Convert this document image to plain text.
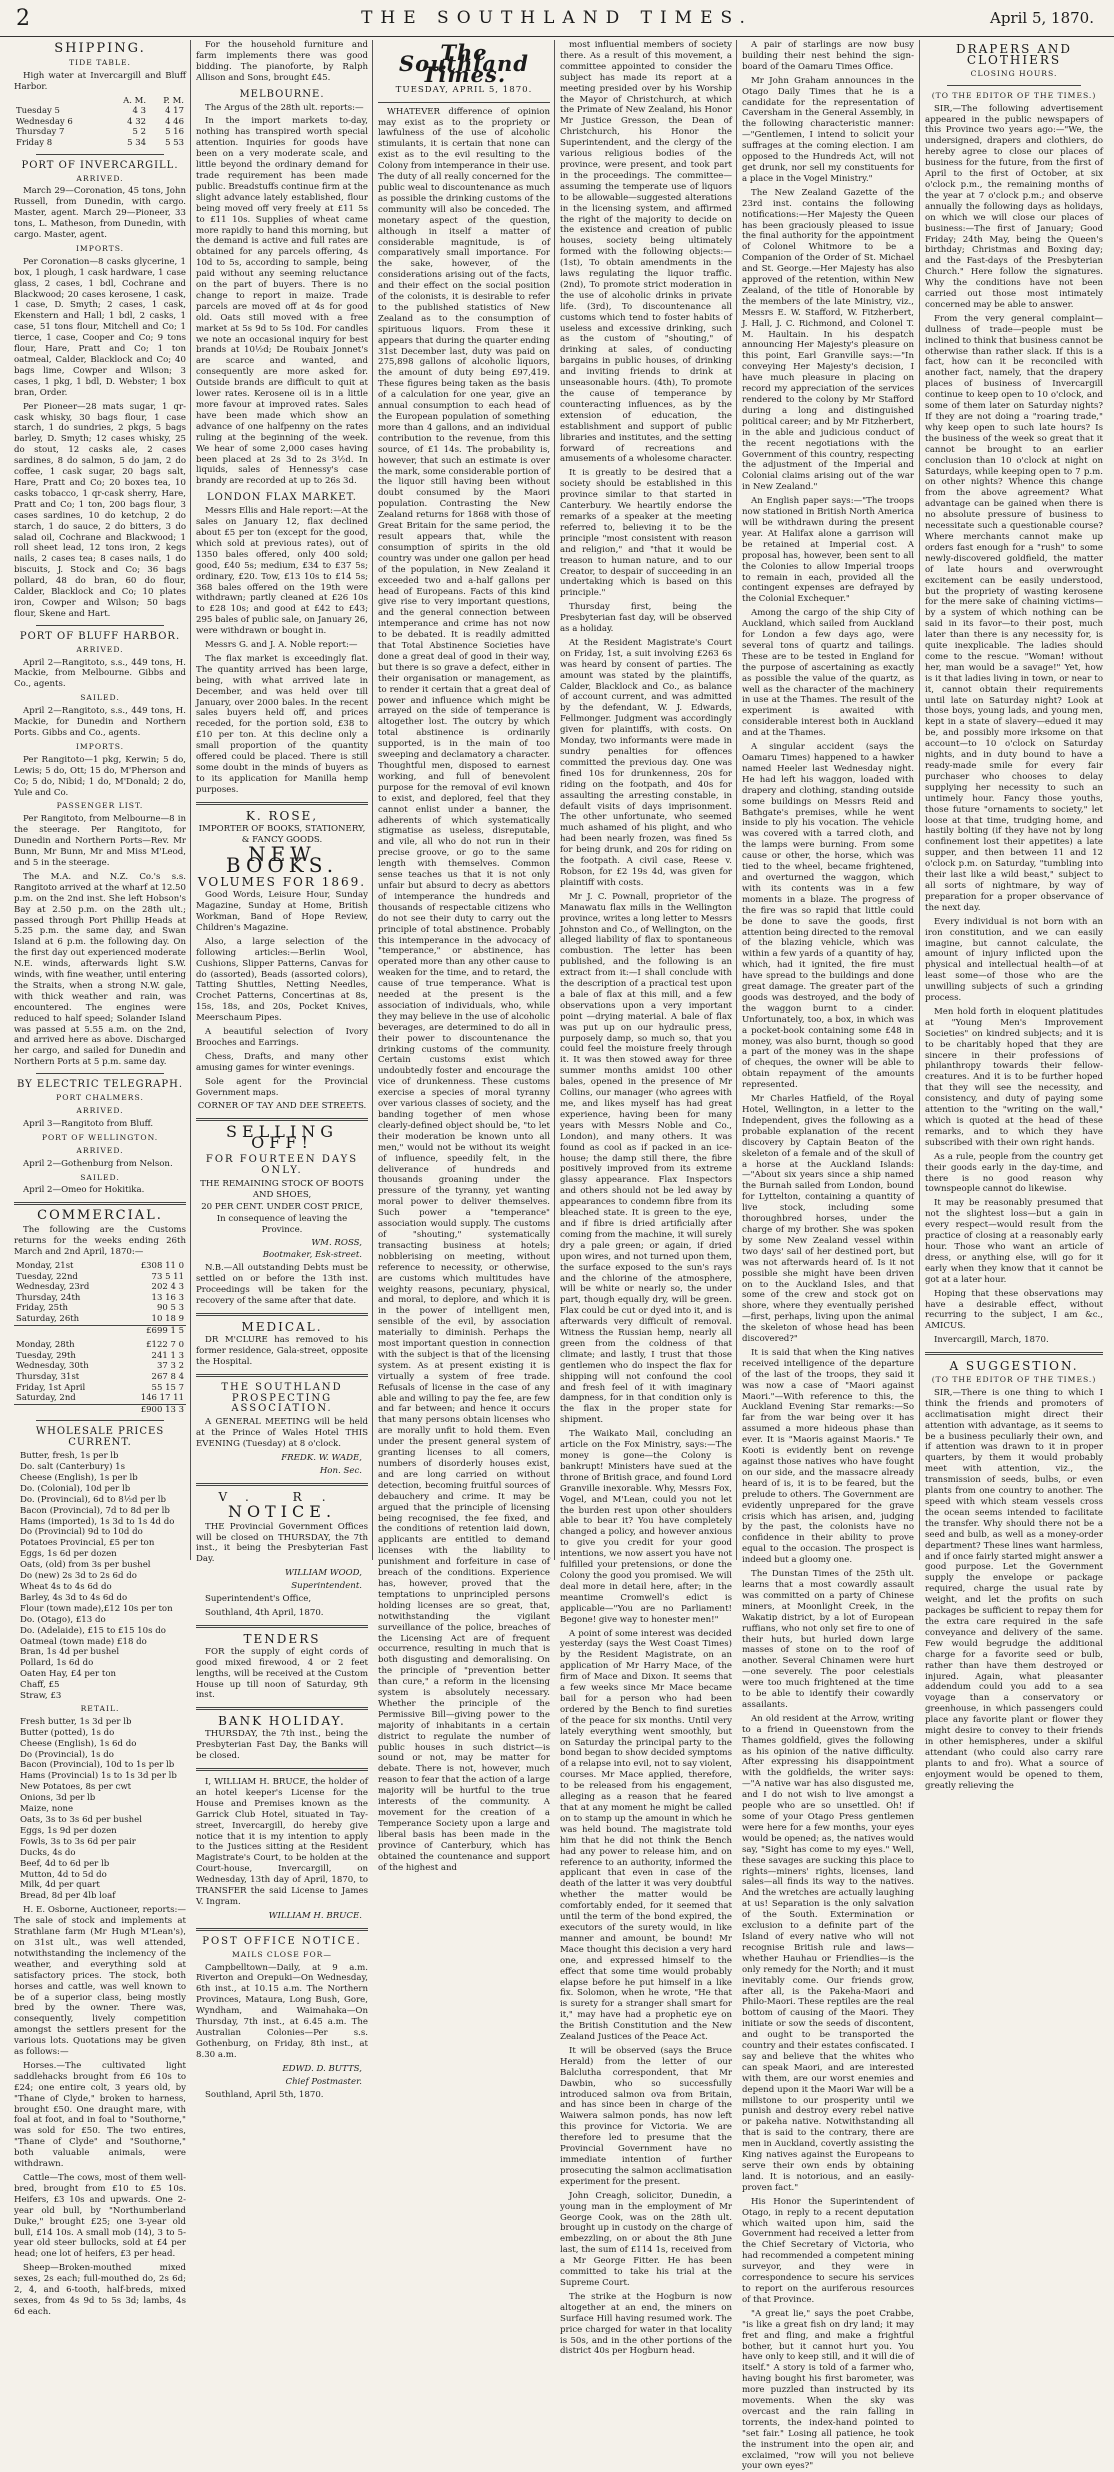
2	THE SOUTHLAND TIMES.	April 5, 1870.
SHIPPING.
TIDE TABLE.

High water at Invercargill and Bluff Harbor.

	A. M.	P. M.
Tuesday 5	4 3	4 17
Wednesday 6	4 32	4 46
Thursday 7	5 2	5 16
Friday 8	5 34	5 53
PORT OF INVERCARGILL.
ARRIVED.

March 29—Coronation, 45 tons, John Russell, from Dunedin, with cargo. Master, agent. March 29—Pioneer, 33 tons, L. Matheson, from Dunedin, with cargo. Master, agent.

IMPORTS.

Per Coronation—8 casks glycerine, 1 box, 1 plough, 1 cask hardware, 1 case glass, 2 cases, 1 bdl, Cochrane and Blackwood; 20 cases kerosene, 1 cask, 1 case, D. Smyth; 2 cases, 1 cask, Ekenstern and Hall; 1 bdl, 2 casks, 1 case, 51 tons flour, Mitchell and Co; 1 tierce, 1 case, Cooper and Co; 9 tons flour, Hare, Pratt and Co; 1 ton oatmeal, Calder, Blacklock and Co; 40 bags lime, Cowper and Wilson; 3 cases, 1 pkg, 1 bdl, D. Webster; 1 box bran, Order.

Per Pioneer—28 mats sugar, 1 qr-cask whisky, 30 bags flour, 1 case starch, 1 do sundries, 2 pkgs, 5 bags barley, D. Smyth; 12 cases whisky, 25 do stout, 12 casks ale, 2 cases sardines, 8 do salmon, 5 do jam, 2 do coffee, 1 cask sugar, 20 bags salt, Hare, Pratt and Co; 20 boxes tea, 10 casks tobacco, 1 qr-cask sherry, Hare, Pratt and Co; 1 ton, 200 bags flour, 3 cases sardines, 10 do ketchup, 2 do starch, 1 do sauce, 2 do bitters, 3 do salad oil, Cochrane and Blackwood; 1 roll sheet lead, 12 tons iron, 2 kegs nails, 2 cases tea; 8 cases nails, 1 do biscuits, J. Stock and Co; 36 bags pollard, 48 do bran, 60 do flour, Calder, Blacklock and Co; 10 plates iron, Cowper and Wilson; 50 bags flour, Skene and Hart.

PORT OF BLUFF HARBOR.
ARRIVED.

April 2—Rangitoto, s.s., 449 tons, H. Mackie, from Melbourne. Gibbs and Co., agents.

SAILED.

April 2—Rangitoto, s.s., 449 tons, H. Mackie, for Dunedin and Northern Ports. Gibbs and Co., agents.

IMPORTS.

Per Rangitoto—1 pkg, Kerwin; 5 do, Lewis; 5 do, Ott; 15 do, M'Pherson and Co; 5 do, Nibid; 1 do, M'Donald; 2 do, Yule and Co.

PASSENGER LIST.

Per Rangitoto, from Melbourne—8 in the steerage. Per Rangitoto, for Dunedin and Northern Ports—Rev. Mr Bunn, Mr Bunn, Mr and Miss M'Leod, and 5 in the steerage.

The M.A. and N.Z. Co.'s s.s. Rangitoto arrived at the wharf at 12.50 p.m. on the 2nd inst. She left Hobson's Bay at 2.50 p.m. on the 28th ult.; passed through Port Phillip Heads at 5.25 p.m. the same day, and Swan Island at 6 p.m. the following day. On the first day out experienced moderate N.E. winds, afterwards light S.W. winds, with fine weather, until entering the Straits, when a strong N.W. gale, with thick weather and rain, was encountered. The engines were reduced to half speed; Solander Island was passed at 5.55 a.m. on the 2nd, and arrived here as above. Discharged her cargo, and sailed for Dunedin and Northern Ports at 5 p.m. same day.

BY ELECTRIC TELEGRAPH.
PORT CHALMERS.
ARRIVED.

April 3—Rangitoto from Bluff.

PORT OF WELLINGTON.
ARRIVED.

April 2—Gothenburg from Nelson.

SAILED.

April 2—Omeo for Hokitika.

COMMERCIAL.

The following are the Customs returns for the weeks ending 26th March and 2nd April, 1870:—

Monday, 21st	£308 11 0
Tuesday, 22nd	73 5 11
Wednesday, 23rd	202 4 3
Thursday, 24th	13 16 3
Friday, 25th	90 5 3
Saturday, 26th	10 18 9
	£699 1 5
Monday, 28th	£122 7 0
Tuesday, 29th	241 1 3
Wednesday, 30th	37 3 2
Thursday, 31st	267 8 4
Friday, 1st April	55 15 7
Saturday, 2nd	146 17 11
	£900 13 3
WHOLESALE PRICES CURRENT.
Butter, fresh, 1s per lb
Do. salt (Canterbury) 1s
Cheese (English), 1s per lb
Do. (Colonial), 10d per lb
Do. (Provincial), 6d to 8½d per lb
Bacon (Provincial), 7d to 8d per lb
Hams (imported), 1s 3d to 1s 4d do
Do (Provincial) 9d to 10d do
Potatoes Provincial, £5 per ton
Eggs, 1s 6d per dozen
Oats, (old) from 3s per bushel
Do (new) 2s 3d to 2s 6d do
Wheat 4s to 4s 6d do
Barley, 4s 3d to 4s 6d do
Flour (town made),£12 10s per ton
Do. (Otago), £13 do
Do. (Adelaide), £15 to £15 10s do
Oatmeal (town made) £18 do
Bran, 1s 4d per bushel
Pollard, 1s 6d do
Oaten Hay, £4 per ton
Chaff, £5
Straw, £3
RETAIL.
Fresh butter, 1s 3d per lb
Butter (potted), 1s do
Cheese (English), 1s 6d do
Do (Provincial), 1s do
Bacon (Provincial), 10d to 1s per lb
Hams (Provincial) 1s to 1s 3d per lb
New Potatoes, 8s per cwt
Onions, 3d per lb
Maize, none
Oats, 3s to 3s 6d per bushel
Eggs, 1s 9d per dozen
Fowls, 3s to 3s 6d per pair
Ducks, 4s do
Beef, 4d to 6d per lb
Mutton, 4d to 5d do
Milk, 4d per quart
Bread, 8d per 4lb loaf

H. E. Osborne, Auctioneer, reports:—The sale of stock and implements at Strathlane farm (Mr Hugh M'Lean's), on 31st ult., was well attended, notwithstanding the inclemency of the weather, and everything sold at satisfactory prices. The stock, both horses and cattle, was well known to be of a superior class, being mostly bred by the owner. There was, consequently, lively competition amongst the settlers present for the various lots. Quotations may be given as follows:—

Horses.—The cultivated light saddlehacks brought from £6 10s to £24; one entire colt, 3 years old, by "Thane of Clyde," broken to harness, brought £50. One draught mare, with foal at foot, and in foal to "Southorne," was sold for £50. The two entires, "Thane of Clyde" and "Southorne," both valuable animals, were withdrawn.

Cattle—The cows, most of them well-bred, brought from £10 to £5 10s. Heifers, £3 10s and upwards. One 2-year old bull, by "Northumberland Duke," brought £25; one 3-year old bull, £14 10s. A small mob (14), 3 to 5-year old steer bullocks, sold at £4 per head; one lot of heifers, £3 per head.

Sheep—Broken-mouthed mixed sexes, 2s each; full-mouthed do, 2s 6d; 2, 4, and 6-tooth, half-breds, mixed sexes, from 4s 9d to 5s 3d; lambs, 4s 6d each.

For the household furniture and farm implements there was good bidding. The pianoforte, by Ralph Allison and Sons, brought £45.

MELBOURNE.

The Argus of the 28th ult. reports:—

In the import markets to-day, nothing has transpired worth special attention. Inquiries for goods have been on a very moderate scale, and little beyond the ordinary demand for trade requirement has been made public. Breadstuffs continue firm at the slight advance lately established, flour being moved off very freely at £11 5s to £11 10s. Supplies of wheat came more rapidly to hand this morning, but the demand is active and full rates are obtained for any parcels offering, 4s 10d to 5s, according to sample, being paid without any seeming reluctance on the part of buyers. There is no change to report in maize. Trade parcels are moved off at 4s for good old. Oats still moved with a free market at 5s 9d to 5s 10d. For candles we note an occasional inquiry for best brands at 10½d; De Roubaix Jonnet's are scarce and wanted, and consequently are more asked for. Outside brands are difficult to quit at lower rates. Kerosene oil is in a little more favour at improved rates. Sales have been made which show an advance of one halfpenny on the rates ruling at the beginning of the week. We hear of some 2,000 cases having been placed at 2s 3d to 2s 3½d. In liquids, sales of Hennessy's case brandy are recorded at up to 26s 3d.

LONDON FLAX MARKET.

Messrs Ellis and Hale report:—At the sales on January 12, flax declined about £5 per ton (except for the good, which sold at previous rates), out of 1350 bales offered, only 400 sold; good, £40 5s; medium, £34 to £37 5s; ordinary, £20. Tow, £13 10s to £14 5s; 368 bales offered on the 19th were withdrawn; partly cleaned at £26 10s to £28 10s; and good at £42 to £43; 295 bales of public sale, on January 26, were withdrawn or bought in.

Messrs G. and J. A. Noble report:—

The flax market is exceedingly flat. The quantity arrived has been large, being, with what arrived late in December, and was held over till January, over 2000 bales. In the recent sales buyers held off, and prices receded, for the portion sold, £38 to £10 per ton. At this decline only a small proportion of the quantity offered could be placed. There is still some doubt in the minds of buyers as to its application for Manilla hemp purposes.

K. ROSE,
IMPORTER OF BOOKS, STATIONERY, & FANCY GOODS.
NEW BOOKS.
VOLUMES FOR 1869.

Good Words, Leisure Hour, Sunday Magazine, Sunday at Home, British Workman, Band of Hope Review, Children's Magazine.

Also, a large selection of the following articles:—Berlin Wool, Cushions, Slipper Patterns, Canvas for do (assorted), Beads (assorted colors), Tatting Shuttles, Netting Needles, Crochet Patterns, Concertinas at 8s, 15s, 18s, and 20s, Pocket Knives, Meerschaum Pipes.

A beautiful selection of Ivory Brooches and Earrings.

Chess, Drafts, and many other amusing games for winter evenings.

Sole agent for the Provincial Government maps.

CORNER OF TAY AND DEE STREETS.
SELLING OFF!
FOR FOURTEEN DAYS ONLY.
THE REMAINING STOCK OF BOOTS AND SHOES,
20 PER CENT. UNDER COST PRICE,
In consequence of leaving the Province.
WM. ROSS,
Bootmaker, Esk-street.

N.B.—All outstanding Debts must be settled on or before the 13th inst. Proceedings will be taken for the recovery of the same after that date.

MEDICAL.

DR M'CLURE has removed to his former residence, Gala-street, opposite the Hospital.

THE SOUTHLAND PROSPECTING ASSOCIATION.

A GENERAL MEETING will be held at the Prince of Wales Hotel THIS EVENING (Tuesday) at 8 o'clock.

FREDK. W. WADE,
Hon. Sec.
V. R.
NOTICE.

THE Provincial Government Offices will be closed on THURSDAY, the 7th inst., it being the Presbyterian Fast Day.

WILLIAM WOOD,
Superintendent.

Superintendent's Office,

Southland, 4th April, 1870.

TENDERS

FOR the supply of eight cords of good mixed firewood, 4 or 2 feet lengths, will be received at the Custom House up till noon of Saturday, 9th inst.

BANK HOLIDAY.

THURSDAY, the 7th inst., being the Presbyterian Fast Day, the Banks will be closed.

I, WILLIAM H. BRUCE, the holder of an hotel keeper's License for the House and Premises known as the Garrick Club Hotel, situated in Tay-street, Invercargill, do hereby give notice that it is my intention to apply to the Justices sitting at the Resident Magistrate's Court, to be holden at the Court-house, Invercargill, on Wednesday, 13th day of April, 1870, to TRANSFER the said License to James V. Ingram.

WILLIAM H. BRUCE.
POST OFFICE NOTICE.
MAILS CLOSE FOR—

Campbelltown—Daily, at 9 a.m. Riverton and Orepuki—On Wednesday, 6th inst., at 10.15 a.m. The Northern Provinces, Mataura, Long Bush, Gore, Wyndham, and Waimahaka—On Thursday, 7th inst., at 6.45 a.m. The Australian Colonies—Per s.s. Gothenburg, on Friday, 8th inst., at 8.30 a.m.

EDWD. D. BUTTS,
Chief Postmaster.

Southland, April 5th, 1870.

The Southland Times.
TUESDAY, APRIL 5, 1870.

WHATEVER difference of opinion may exist as to the propriety or lawfulness of the use of alcoholic stimulants, it is certain that none can exist as to the evil resulting to the Colony from intemperance in their use. The duty of all really concerned for the public weal to discountenance as much as possible the drinking customs of the community will also be conceded. The monetary aspect of the question, although in itself a matter of considerable magnitude, is of comparatively small importance. For the sake, however, of the considerations arising out of the facts, and their effect on the social position of the colonists, it is desirable to refer to the published statistics of New Zealand as to the consumption of spirituous liquors. From these it appears that during the quarter ending 31st December last, duty was paid on 275,898 gallons of alcoholic liquors, the amount of duty being £97,419. These figures being taken as the basis of a calculation for one year, give an annual consumption to each head of the European population of something more than 4 gallons, and an individual contribution to the revenue, from this source, of £1 14s. The probability is, however, that such an estimate is over the mark, some considerable portion of the liquor still having been without doubt consumed by the Maori population. Contrasting the New Zealand returns for 1868 with those of Great Britain for the same period, the result appears that, while the consumption of spirits in the old country was under one gallon per head of the population, in New Zealand it exceeded two and a-half gallons per head of Europeans. Facts of this kind give rise to very important questions, and the general connection between intemperance and crime has not now to be debated. It is readily admitted that Total Abstinence Societies have done a great deal of good in their way, but there is so grave a defect, either in their organisation or management, as to render it certain that a great deal of power and influence which might be arrayed on the side of temperance is altogether lost. The outcry by which total abstinence is ordinarily supported, is in the main of too sweeping and declamatory a character. Thoughtful men, disposed to earnest working, and full of benevolent purpose for the removal of evil known to exist, and deplored, feel that they cannot enlist under a banner, the adherents of which systematically stigmatise as useless, disreputable, and vile, all who do not run in their precise groove, or go to the same length with themselves. Common sense teaches us that it is not only unfair but absurd to decry as abettors of intemperance the hundreds and thousands of respectable citizens who do not see their duty to carry out the principle of total abstinence. Probably this intemperance in the advocacy of "temperance," or abstinence, has operated more than any other cause to weaken for the time, and to retard, the cause of true temperance. What is needed at the present is the association of individuals, who, while they may believe in the use of alcoholic beverages, are determined to do all in their power to discountenance the drinking customs of the community. Certain customs exist which undoubtedly foster and encourage the vice of drunkenness. These customs exercise a species of moral tyranny over various classes of society, and the banding together of men whose clearly-defined object should be, "to let their moderation be known unto all men," would not be without its weight of influence, speedily felt, in the deliverance of hundreds and thousands groaning under the pressure of the tyranny, yet wanting moral power to deliver themselves. Such power a "temperance" association would supply. The customs of "shouting," systematically transacting business at hotels; nobblerising on meeting, without reference to necessity, or otherwise, are customs which multitudes have weighty reasons, pecuniary, physical, and moral, to deplore, and which it is in the power of intelligent men, sensible of the evil, by association materially to diminish. Perhaps the most important question in connection with the subject is that of the licensing system. As at present existing it is virtually a system of free trade. Refusals of license in the case of any able and willing to pay the fee, are few and far between; and hence it occurs that many persons obtain licenses who are morally unfit to hold them. Even under the present general system of granting licenses to all comers, numbers of disorderly houses exist, and are long carried on without detection, becoming fruitful sources of debauchery and crime. It may be argued that the principle of licensing being recognised, the fee fixed, and the conditions of retention laid down, applicants are entitled to demand licenses with the liability to punishment and forfeiture in case of breach of the conditions. Experience has, however, proved that the temptations to unprincipled persons holding licenses are so great, that, notwithstanding the vigilant surveillance of the police, breaches of the Licensing Act are of frequent occurrence, resulting in much that is both disgusting and demoralising. On the principle of "prevention better than cure," a reform in the licensing system is absolutely necessary. Whether the principle of the Permissive Bill—giving power to the majority of inhabitants in a certain district to regulate the number of public houses in such district—is sound or not, may be matter for debate. There is not, however, much reason to fear that the action of a large majority will be hurtful to the true interests of the community. A movement for the creation of a Temperance Society upon a large and liberal basis has been made in the province of Canterbury, which has obtained the countenance and support of the highest and

most influential members of society there. As a result of this movement, a committee appointed to consider the subject has made its report at a meeting presided over by his Worship the Mayor of Christchurch, at which the Primate of New Zealand, his Honor Mr Justice Gresson, the Dean of Christchurch, his Honor the Superintendent, and the clergy of the various religious bodies of the province, were present, and took part in the proceedings. The committee—assuming the temperate use of liquors to be allowable—suggested alterations in the licensing system, and affirmed the right of the majority to decide on the existence and creation of public houses, society being ultimately formed with the following objects:—(1st), To obtain amendments in the laws regulating the liquor traffic. (2nd), To promote strict moderation in the use of alcoholic drinks in private life. (3rd), To discountenance all customs which tend to foster habits of useless and excessive drinking, such as the custom of "shouting," of drinking at sales, of conducting bargains in public houses, of drinking and inviting friends to drink at unseasonable hours. (4th), To promote the cause of temperance by counteracting influences, as by the extension of education, the establishment and support of public libraries and institutes, and the setting forward of recreations and amusements of a wholesome character.

It is greatly to be desired that a society should be established in this province similar to that started in Canterbury. We heartily endorse the remarks of a speaker at the meeting referred to, believing it to be the principle "most consistent with reason and religion," and "that it would be treason to human nature, and to our Creator, to despair of succeeding in an undertaking which is based on this principle."

Thursday first, being the Presbyterian fast day, will be observed as a holiday.

At the Resident Magistrate's Court on Friday, 1st, a suit involving £263 6s was heard by consent of parties. The amount was stated by the plaintiffs, Calder, Blacklock and Co., as balance of account current, and was admitted by the defendant, W. J. Edwards, Fellmonger. Judgment was accordingly given for plaintiffs, with costs. On Monday, two informants were made in sundry penalties for offences committed the previous day. One was fined 10s for drunkenness, 20s for riding on the footpath, and 40s for assaulting the arresting constable, in default visits of days imprisonment. The other unfortunate, who seemed much ashamed of his plight, and who had been nearly frozen, was fined 5s for being drunk, and 20s for riding on the footpath. A civil case, Reese v. Robson, for £2 19s 4d, was given for plaintiff with costs.

Mr J. C. Pownall, proprietor of the Manawatu flax mills in the Wellington province, writes a long letter to Messrs Johnston and Co., of Wellington, on the alleged liability of flax to spontaneous combustion. The letter has been published, and the following is an extract from it:—I shall conclude with the description of a practical test upon a bale of flax at this mill, and a few observations upon a very important point —drying material. A bale of flax was put up on our hydraulic press, purposely damp, so much so, that you could feel the moisture freely through it. It was then stowed away for three summer months amidst 100 other bales, opened in the presence of Mr Collins, our manager (who agrees with me, and likes myself has had great experience, having been for many years with Messrs Noble and Co., London), and many others. It was found as cool as if packed in an ice-house; the damp still there, the fibre positively improved from its extreme glassy appearance. Flax Inspectors and others should not be led away by appearances to condemn fibre from its bleached state. It is green to the eye, and if fibre is dried artificially after coming from the machine, it will surely dry a pale green; or again, if dried upon wires, and not turned upon them, the surface exposed to the sun's rays and the chlorine of the atmosphere, will be white or nearly so, the under part, though equally dry, will be green. Flax could be cut or dyed into it, and is afterwards very difficult of removal. Witness the Russian hemp, nearly all green from the coldness of that climate; and lastly, I trust that those gentlemen who do inspect the flax for shipping will not confound the cool and fresh feel of it with imaginary dampness, for in that condition only is the flax in the proper state for shipment.

The Waikato Mail, concluding an article on the Fox Ministry, says:—The money is gone—the Colony is bankrupt! Ministers have sued at the throne of British grace, and found Lord Granville inexorable. Why, Messrs Fox, Vogel, and M'Lean, could you not let the burden rest upon other shoulders able to bear it? You have completely changed a policy, and however anxious to give you credit for your good intentions, we now assert you have not fulfilled your pretensions, or done the Colony the good you promised. We will deal more in detail here, after; in the meantime Cromwell's edict is applicable—"You are no Parliament! Begone! give way to honester men!"

A point of some interest was decided yesterday (says the West Coast Times) by the Resident Magistrate, on an application of Mr Harry Mace, of the firm of Mace and Dixon. It seems that a few weeks since Mr Mace became bail for a person who had been ordered by the Bench to find sureties of the peace for six months. Until very lately everything went smoothly, but on Saturday the principal party to the bond began to show decided symptoms of a relapse into evil, not to say violent, courses. Mr Mace applied, therefore, to be released from his engagement, alleging as a reason that he feared that at any moment he might be called on to stamp up the amount in which he was held bound. The magistrate told him that he did not think the Bench had any power to release him, and on reference to an authority, informed the applicant that even in case of the death of the latter it was very doubtful whether the matter would be comfortably ended, for it seemed that until the term of the bond expired, the executors of the surety would, in like manner and amount, be bound! Mr Mace thought this decision a very hard one, and expressed himself to the effect that some time would probably elapse before he put himself in a like fix. Solomon, when he wrote, "He that is surety for a stranger shall smart for it," may have had a prophetic eye on the British Constitution and the New Zealand Justices of the Peace Act.

It will be observed (says the Bruce Herald) from the letter of our Balclutha correspondent, that Mr Dawbin, who so successfully introduced salmon ova from Britain, and has since been in charge of the Waiwera salmon ponds, has now left this province for Victoria. We are therefore led to presume that the Provincial Government have no immediate intention of further prosecuting the salmon acclimatisation experiment for the present.

John Creagh, solicitor, Dunedin, a young man in the employment of Mr George Cook, was on the 28th ult. brought up in custody on the charge of embezzling, on or about the 8th June last, the sum of £114 1s, received from a Mr George Fitter. He has been committed to take his trial at the Supreme Court.

The strike at the Hogburn is now altogether at an end, the miners on Surface Hill having resumed work. The price charged for water in that locality is 50s, and in the other portions of the district 40s per Hogburn head.

A pair of starlings are now busy building their nest behind the sign-board of the Oamaru Times Office.

Mr John Graham announces in the Otago Daily Times that he is a candidate for the representation of Caversham in the General Assembly, in the following characteristic manner:—"Gentlemen, I intend to solicit your suffrages at the coming election. I am opposed to the Hundreds Act, will not get drunk, nor sell my constituents for a place in the Vogel Ministry."

The New Zealand Gazette of the 23rd inst. contains the following notifications:—Her Majesty the Queen has been graciously pleased to issue the final authority for the appointment of Colonel Whitmore to be a Companion of the Order of St. Michael and St. George.—Her Majesty has also approved of the retention, within New Zealand, of the title of Honorable by the members of the late Ministry, viz., Messrs E. W. Stafford, W. Fitzherbert, J. Hall, J. C. Richmond, and Colonel T. M. Haultain. In his despatch announcing Her Majesty's pleasure on this point, Earl Granville says:—"In conveying Her Majesty's decision, I have much pleasure in placing on record my appreciation of the services rendered to the colony by Mr Stafford during a long and distinguished political career; and by Mr Fitzherbert, in the able and judicious conduct of the recent negotiations with the Government of this country, respecting the adjustment of the Imperial and Colonial claims arising out of the war in New Zealand."

An English paper says:—"The troops now stationed in British North America will be withdrawn during the present year. At Halifax alone a garrison will be retained at Imperial cost. A proposal has, however, been sent to all the Colonies to allow Imperial troops to remain in each, provided all the contingent expenses are defrayed by the Colonial Exchequer."

Among the cargo of the ship City of Auckland, which sailed from Auckland for London a few days ago, were several tons of quartz and tailings. These are to be tested in England for the purpose of ascertaining as exactly as possible the value of the quartz, as well as the character of the machinery in use at the Thames. The result of the experiment is awaited with considerable interest both in Auckland and at the Thames.

A singular accident (says the Oamaru Times) happened to a hawker named Heeler last Wednesday night. He had left his waggon, loaded with drapery and clothing, standing outside some buildings on Messrs Reid and Bathgate's premises, while he went inside to ply his vocation. The vehicle was covered with a tarred cloth, and the lamps were burning. From some cause or other, the horse, which was tied to the wheel, became frightened, and overturned the waggon, which with its contents was in a few moments in a blaze. The progress of the fire was so rapid that little could be done to save the goods, first attention being directed to the removal of the blazing vehicle, which was within a few yards of a quantity of hay, which, had it ignited, the fire must have spread to the buildings and done great damage. The greater part of the goods was destroyed, and the body of the waggon burnt to a cinder. Unfortunately, too, a box, in which was a pocket-book containing some £48 in money, was also burnt, though so good a part of the money was in the shape of cheques, the owner will be able to obtain repayment of the amounts represented.

Mr Charles Hatfield, of the Royal Hotel, Wellington, in a letter to the Independent, gives the following as a probable explanation of the recent discovery by Captain Beaton of the skeleton of a female and of the skull of a horse at the Auckland Islands:—"About six years since a ship named the Burnah sailed from London, bound for Lyttelton, containing a quantity of live stock, including some thoroughbred horses, under the charge of my brother. She was spoken by some New Zealand vessel within two days' sail of her destined port, but was not afterwards heard of. Is it not possible she might have been driven on to the Auckland Isles, and that some of the crew and stock got on shore, where they eventually perished—first, perhaps, living upon the animal the skeleton of whose head has been discovered?"

It is said that when the King natives received intelligence of the departure of the last of the troops, they said it was now a case of "Maori against Maori."—With reference to this, the Auckland Evening Star remarks:—So far from the war being over it has assumed a more hideous phase than ever. It is "Maoris against Maoris." Te Kooti is evidently bent on revenge against those natives who have fought on our side, and the massacre already heard of is, it is to be feared, but the prelude to others. The Government are evidently unprepared for the grave crisis which has arisen, and, judging by the past, the colonists have no confidence in their ability to prove equal to the occasion. The prospect is indeed but a gloomy one.

The Dunstan Times of the 25th ult. learns that a most cowardly assault was committed on a party of Chinese miners, at Moonlight Creek, in the Wakatip district, by a lot of European ruffians, who not only set fire to one of their huts, but hurled down large masses of stone on to the roof of another. Several Chinamen were hurt—one severely. The poor celestials were too much frightened at the time to be able to identify their cowardly assailants.

An old resident at the Arrow, writing to a friend in Queenstown from the Thames goldfield, gives the following as his opinion of the native difficulty. After expressing his disappointment with the goldfields, the writer says:—"A native war has also disgusted me, and I do not wish to live amongst a people who are so unsettled. Oh! if some of your Otago Press gentlemen were here for a few months, your eyes would be opened; as, the natives would say, "Sight has come to my eyes." Well, these savages are sucking this place to rights—miners' rights, licenses, land sales—all finds its way to the natives. And the wretches are actually laughing at us! Separation is the only salvation of the South. Extermination or exclusion to a definite part of the Island of every native who will not recognise British rule and laws—whether Hauhau or Friendlies—is the only remedy for the North; and it must inevitably come. Our friends grow, after all, is the Pakeha-Maori and Philo-Maori. These reptiles are the real bottom of causing of the Maori. They initiate or sow the seeds of discontent, and ought to be transported the country and their estates confiscated. I say and believe that the whites who can speak Maori, and are interested with them, are our worst enemies and depend upon it the Maori War will be a millstone to our prosperity until we punish and destroy every rebel native or pakeha native. Notwithstanding all that is said to the contrary, there are men in Auckland, covertly assisting the King natives against the Europeans to serve their own ends by obtaining land. It is notorious, and an easily-proven fact."

His Honor the Superintendent of Otago, in reply to a recent deputation which waited upon him, said the Government had received a letter from the Chief Secretary of Victoria, who had recommended a competent mining surveyor, and they were in correspondence to secure his services to report on the auriferous resources of that Province.

"A great lie," says the poet Crabbe, "is like a great fish on dry land; it may fret and fling, and make a frightful bother, but it cannot hurt you. You have only to keep still, and it will die of itself." A story is told of a farmer who, having bought his first barometer, was more puzzled than instructed by its movements. When the sky was overcast and the rain falling in torrents, the index-hand pointed to "set fair." Losing all patience, he took the instrument into the open air, and exclaimed, "row will you not believe your own eyes?"

DRAPERS AND CLOTHIERS
CLOSING HOURS.
(TO THE EDITOR OF THE TIMES.)

SIR,—The following advertisement appeared in the public newspapers of this Province two years ago:—"We, the undersigned, drapers and clothiers, do hereby agree to close our places of business for the future, from the first of April to the first of October, at six o'clock p.m., the remaining months of the year at 7 o'clock p.m.; and observe annually the following days as holidays, on which we will close our places of business:—The first of January; Good Friday; 24th May, being the Queen's birthday; Christmas and Boxing day; and the Fast-days of the Presbyterian Church." Here follow the signatures. Why the conditions have not been carried out those most intimately concerned may be able to answer.

From the very general complaint—dullness of trade—people must be inclined to think that business cannot be otherwise than rather slack. If this is a fact, how can it be reconciled with another fact, namely, that the drapery places of business of Invercargill continue to keep open to 10 o'clock, and some of them later on Saturday nights? If they are not doing a "roaring trade," why keep open to such late hours? Is the business of the week so great that it cannot be brought to an earlier conclusion than 10 o'clock at night on Saturdays, while keeping open to 7 p.m. on other nights? Whence this change from the above agreement? What advantage can be gained when there is no absolute pressure of business to necessitate such a questionable course? Where merchants cannot make up orders fast enough for a "rush" to some newly-discovered goldfield, the matter of late hours and overwrought excitement can be easily understood, but the propriety of wasting kerosene for the mere sake of chaining victims—by a system of which nothing can be said in its favor—to their post, much later than there is any necessity for, is quite inexplicable. The ladies should come to the rescue. "Woman! without her, man would be a savage!" Yet, how is it that ladies living in town, or near to it, cannot obtain their requirements until late on Saturday night? Look at those boys, young lads, and young men, kept in a state of slavery—edued it may be, and possibly more irksome on that account—to 10 o'clock on Saturday nights, and in duty bound to have a ready-made smile for every fair purchaser who chooses to delay supplying her necessity to such an untimely hour. Fancy those youths, those future "ornaments to society," let loose at that time, trudging home, and hastily bolting (if they have not by long confinement lost their appetites) a late supper, and then between 11 and 12 o'clock p.m. on Saturday, "tumbling into their last like a wild beast," subject to all sorts of nightmare, by way of preparation for a proper observance of the next day.

Every individual is not born with an iron constitution, and we can easily imagine, but cannot calculate, the amount of injury inflicted upon the physical and intellectual health—of at least some—of those who are the unwilling subjects of such a grinding process.

Men hold forth in eloquent platitudes at "Young Men's Improvement Societies" on kindred subjects; and it is to be charitably hoped that they are sincere in their professions of philanthropy towards their fellow-creatures. And it is to be further hoped that they will see the necessity, and consistency, and duty of paying some attention to the "writing on the wall," which is quoted at the head of these remarks, and to which they have subscribed with their own right hands.

As a rule, people from the country get their goods early in the day-time, and there is no good reason why townspeople cannot do likewise.

It may be reasonably presumed that not the slightest loss—but a gain in every respect—would result from the practice of closing at a reasonably early hour. Those who want an article of dress, or anything else, will go for it early when they know that it cannot be got at a later hour.

Hoping that these observations may have a desirable effect, without recurring to the subject, I am &c., AMICUS.

Invercargill, March, 1870.

A SUGGESTION.
(TO THE EDITOR OF THE TIMES.)

SIR,—There is one thing to which I think the friends and promoters of acclimatisation might direct their attention with advantage, as it seems to be a business peculiarly their own, and if attention was drawn to it in proper quarters, by them it would probably meet with attention, viz., the transmission of seeds, bulbs, or even plants from one country to another. The speed with which steam vessels cross the ocean seems intended to facilitate the transfer. Why should there not be a seed and bulb, as well as a money-order department? These lines want harmless, and if once fairly started might answer a good purpose. Let the Government supply the envelope or package required, charge the usual rate by weight, and let the profits on such packages be sufficient to repay them for the extra care required in the safe conveyance and delivery of the same. Few would begrudge the additional charge for a favorite seed or bulb, rather than have them destroyed or injured. Again, what pleasanter addendum could you add to a sea voyage than a conservatory or greenhouse, in which passengers could place any favorite plant or flower they might desire to convey to their friends in other hemispheres, under a skilful attendant (who could also carry rare plants to and fro). What a source of enjoyment would be opened to them, greatly relieving the
